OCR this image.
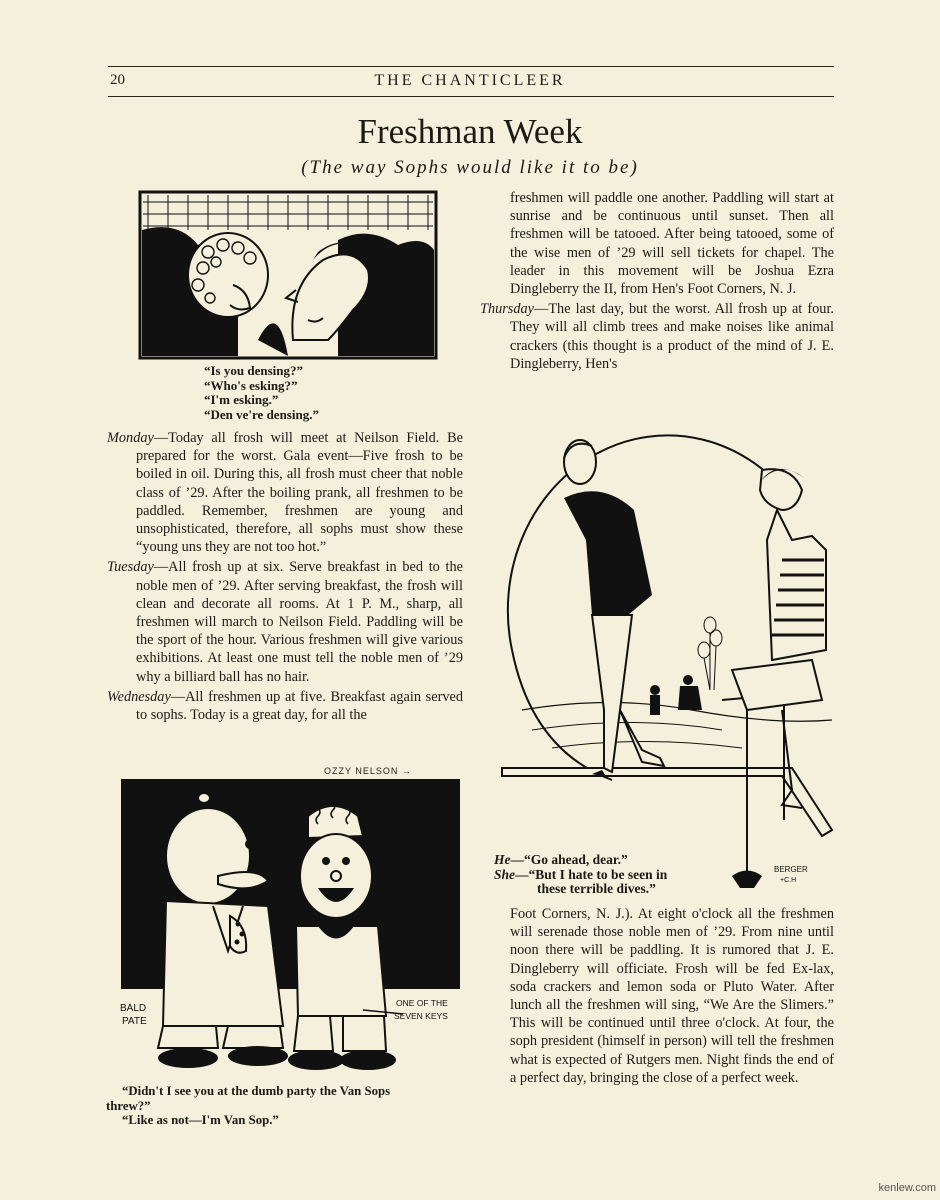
20	THE CHANTICLEER
Freshman Week
(The way Sophs would like it to be)
“Is you densing?”
“Who's esking?”
“I'm esking.”
“Den ve're densing.”

Monday—Today all frosh will meet at Neilson Field. Be prepared for the worst. Gala event—Five frosh to be boiled in oil. During this, all frosh must cheer that noble class of ’29. After the boiling prank, all freshmen to be paddled. Remember, freshmen are young and unsophisticated, therefore, all sophs must show these “young uns they are not too hot.”

Tuesday—All frosh up at six. Serve breakfast in bed to the noble men of ’29. After serving breakfast, the frosh will clean and decorate all rooms. At 1 P. M., sharp, all freshmen will march to Neilson Field. Paddling will be the sport of the hour. Various freshmen will give various exhibitions. At least one must tell the noble men of ’29 why a billiard ball has no hair.

Wednesday—All freshmen up at five. Breakfast again served to sophs. Today is a great day, for all the

freshmen will paddle one another. Paddling will start at sunrise and be continuous until sunset. Then all freshmen will be tatooed. After being tatooed, some of the wise men of ’29 will sell tickets for chapel. The leader in this movement will be Joshua Ezra Dingleberry the II, from Hen's Foot Corners, N. J.

Thursday—The last day, but the worst. All frosh up at four. They will all climb trees and make noises like animal crackers (this thought is a product of the mind of J. E. Dingleberry, Hen's

BERGER
+C.H
He—“Go ahead, dear.”
She—“But I hate to be seen in
these terrible dives.”

Foot Corners, N. J.). At eight o'clock all the freshmen will serenade those noble men of ’29. From nine until noon there will be paddling. It is rumored that J. E. Dingleberry will officiate. Frosh will be fed Ex-lax, soda crackers and lemon soda or Pluto Water. After lunch all the freshmen will sing, “We Are the Slimers.” This will be continued until three o'clock. At four, the soph president (himself in person) will tell the freshmen what is expected of Rutgers men. Night finds the end of a perfect day, bringing the close of a perfect week.

OZZY NELSON →
BALD
PATE
ONE OF THE
SEVEN KEYS
“Didn't I see you at the dumb party the Van Sops
threw?”
“Like as not—I'm Van Sop.”
kenlew.com
